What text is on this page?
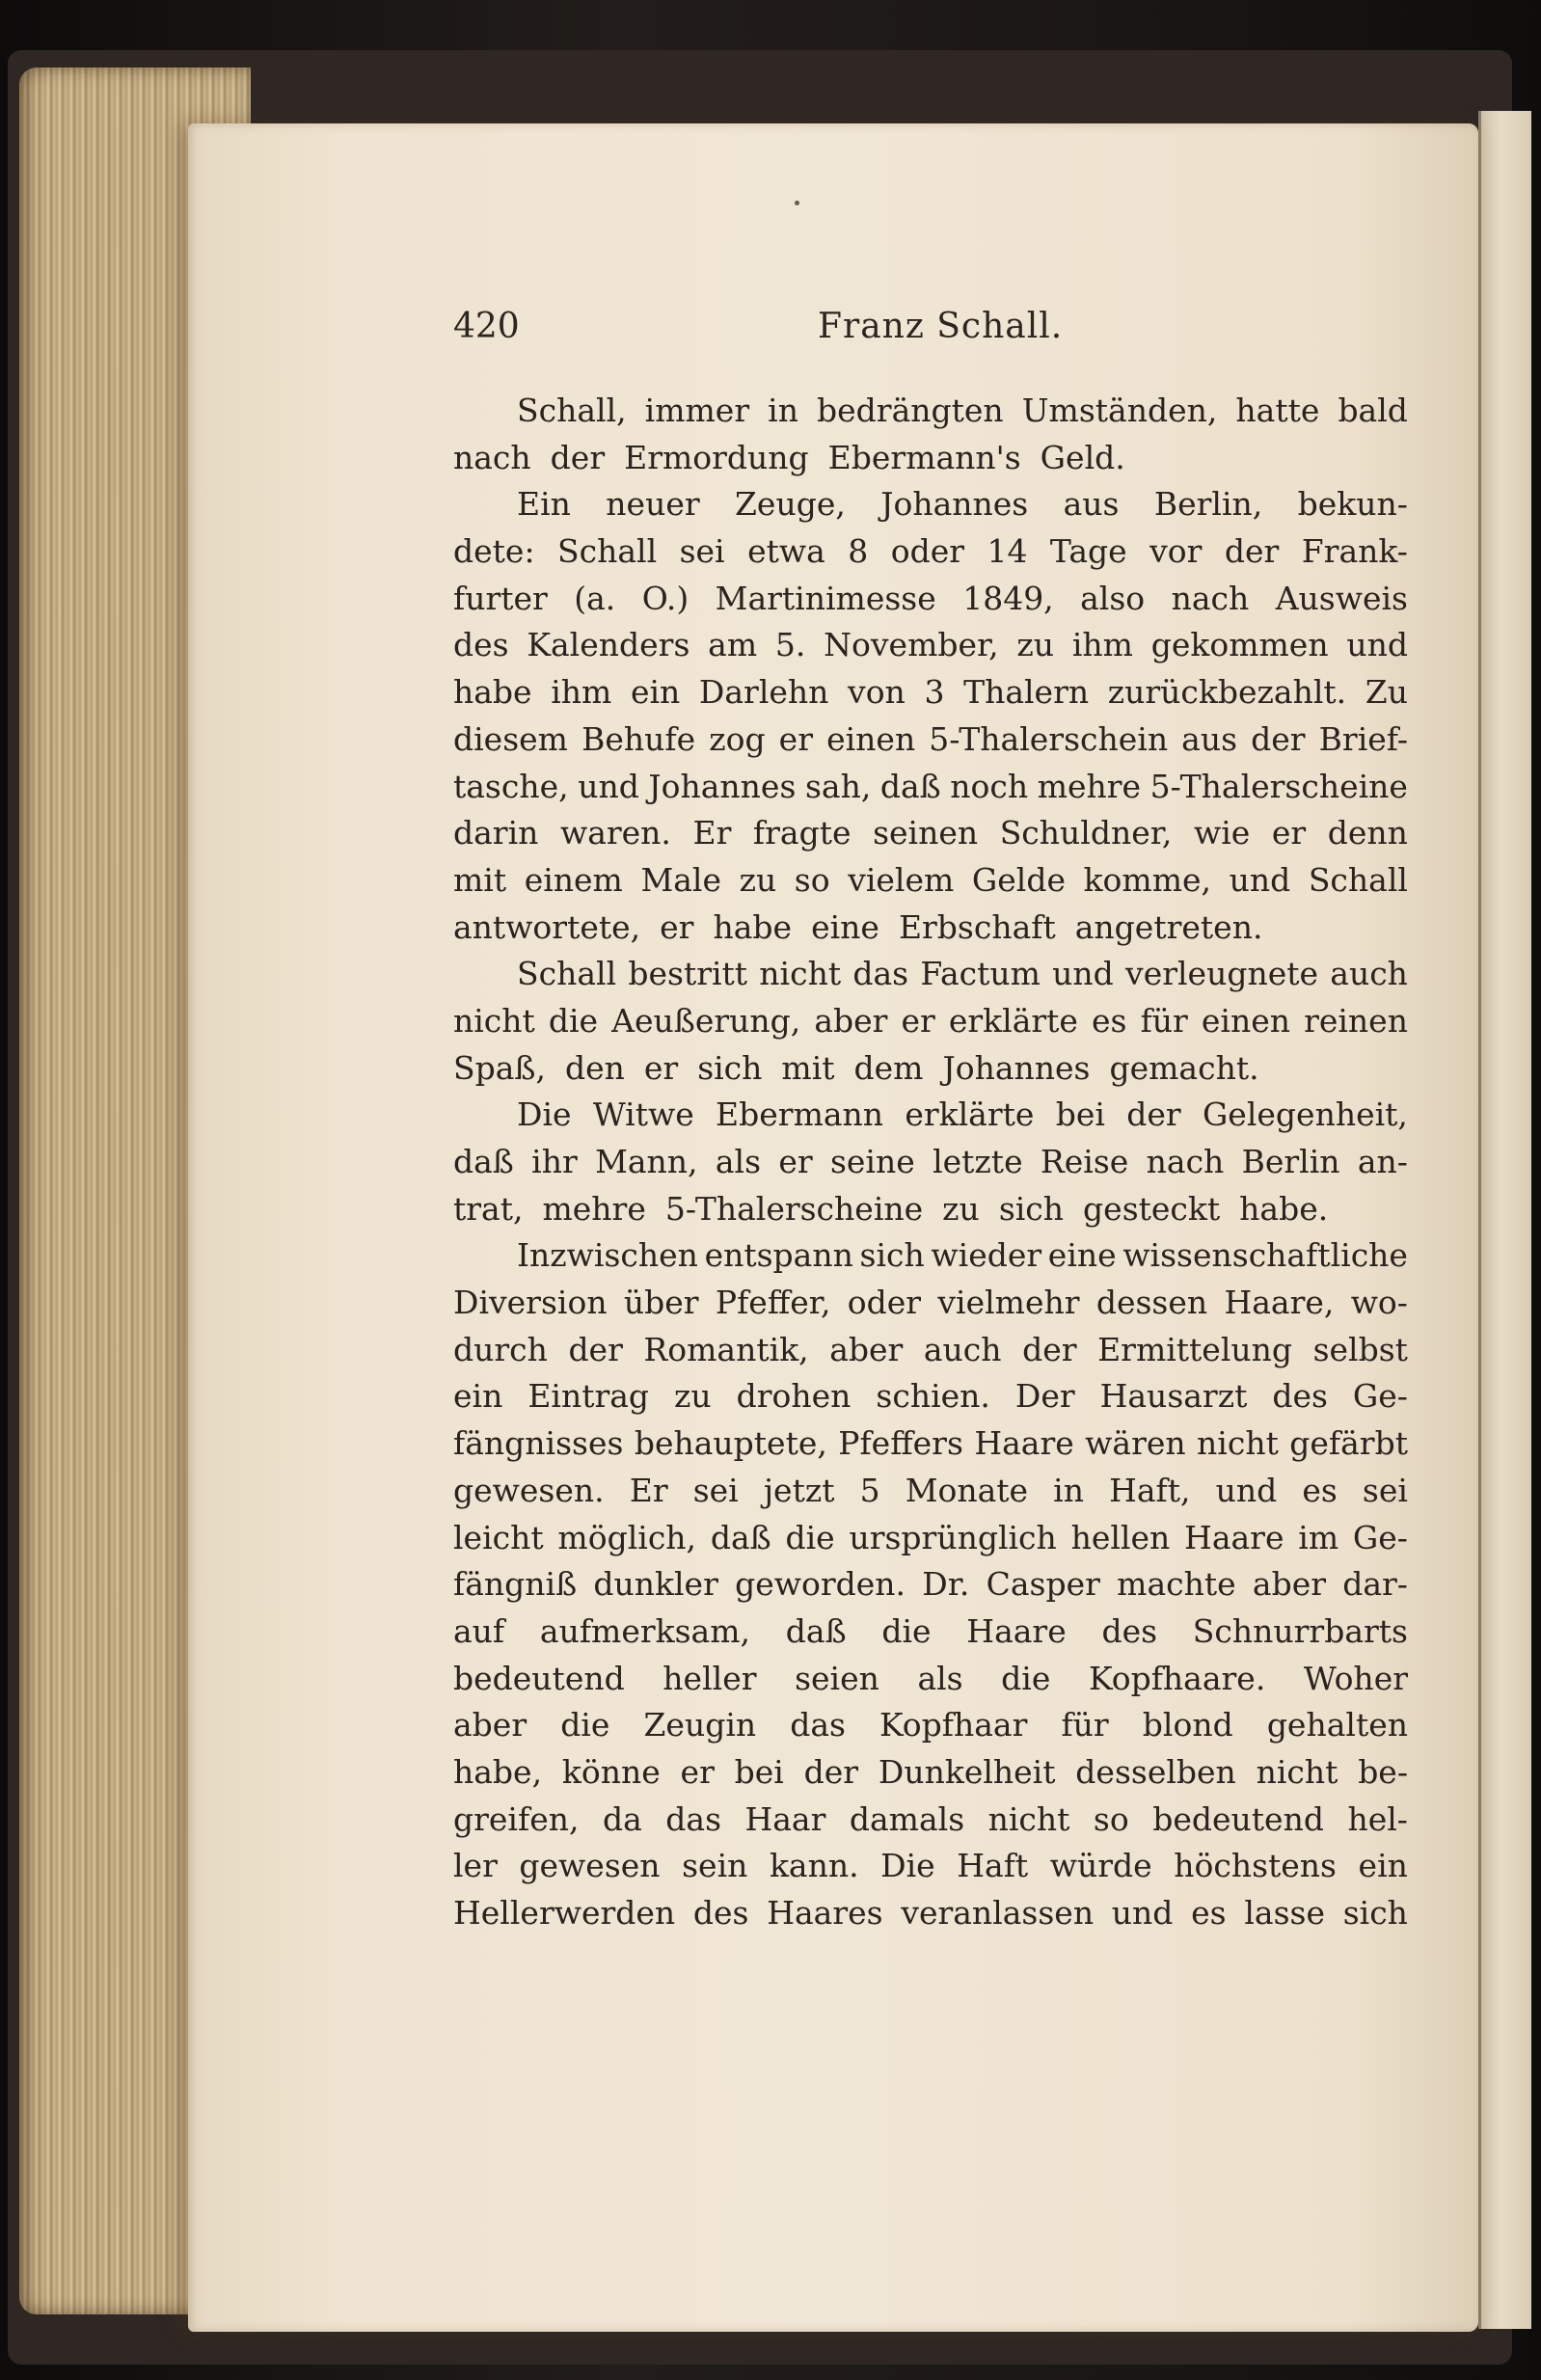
420	Franz Schall.
Schall, immer in bedrängten Umständen, hatte bald
nach der Ermordung Ebermann's Geld.
Ein neuer Zeuge, Johannes aus Berlin, bekun-
dete: Schall sei etwa 8 oder 14 Tage vor der Frank-
furter (a. O.) Martinimesse 1849, also nach Ausweis
des Kalenders am 5. November, zu ihm gekommen und
habe ihm ein Darlehn von 3 Thalern zurückbezahlt. Zu
diesem Behufe zog er einen 5-Thalerschein aus der Brief-
tasche, und Johannes sah, daß noch mehre 5-Thalerscheine
darin waren. Er fragte seinen Schuldner, wie er denn
mit einem Male zu so vielem Gelde komme, und Schall
antwortete, er habe eine Erbschaft angetreten.
Schall bestritt nicht das Factum und verleugnete auch
nicht die Aeußerung, aber er erklärte es für einen reinen
Spaß, den er sich mit dem Johannes gemacht.
Die Witwe Ebermann erklärte bei der Gelegenheit,
daß ihr Mann, als er seine letzte Reise nach Berlin an-
trat, mehre 5-Thalerscheine zu sich gesteckt habe.
Inzwischen entspann sich wieder eine wissenschaftliche
Diversion über Pfeffer, oder vielmehr dessen Haare, wo-
durch der Romantik, aber auch der Ermittelung selbst
ein Eintrag zu drohen schien. Der Hausarzt des Ge-
fängnisses behauptete, Pfeffers Haare wären nicht gefärbt
gewesen. Er sei jetzt 5 Monate in Haft, und es sei
leicht möglich, daß die ursprünglich hellen Haare im Ge-
fängniß dunkler geworden. Dr. Casper machte aber dar-
auf aufmerksam, daß die Haare des Schnurrbarts
bedeutend heller seien als die Kopfhaare. Woher
aber die Zeugin das Kopfhaar für blond gehalten
habe, könne er bei der Dunkelheit desselben nicht be-
greifen, da das Haar damals nicht so bedeutend hel-
ler gewesen sein kann. Die Haft würde höchstens ein
Hellerwerden des Haares veranlassen und es lasse sich
